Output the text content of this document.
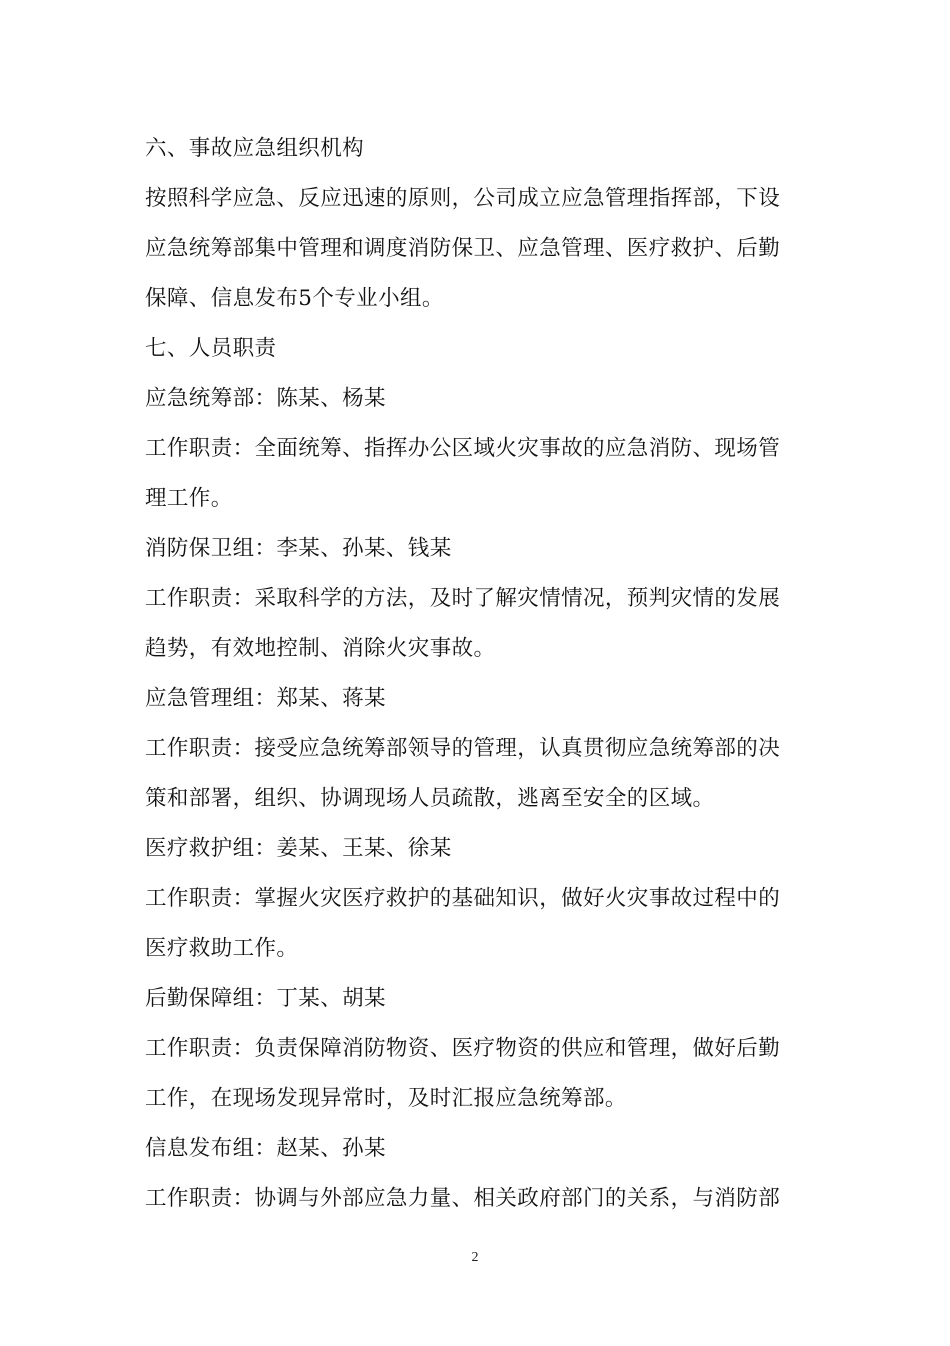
六、事故应急组织机构
按照科学应急、反应迅速的原则，公司成立应急管理指挥部，下设
应急统筹部集中管理和调度消防保卫、应急管理、医疗救护、后勤
保障、信息发布5个专业小组。
七、人员职责
应急统筹部：陈某、杨某
工作职责：全面统筹、指挥办公区域火灾事故的应急消防、现场管
理工作。
消防保卫组：李某、孙某、钱某
工作职责：采取科学的方法，及时了解灾情情况，预判灾情的发展
趋势，有效地控制、消除火灾事故。
应急管理组：郑某、蒋某
工作职责：接受应急统筹部领导的管理，认真贯彻应急统筹部的决
策和部署，组织、协调现场人员疏散，逃离至安全的区域。
医疗救护组：姜某、王某、徐某
工作职责：掌握火灾医疗救护的基础知识，做好火灾事故过程中的
医疗救助工作。
后勤保障组：丁某、胡某
工作职责：负责保障消防物资、医疗物资的供应和管理，做好后勤
工作，在现场发现异常时，及时汇报应急统筹部。
信息发布组：赵某、孙某
工作职责：协调与外部应急力量、相关政府部门的关系，与消防部
2
